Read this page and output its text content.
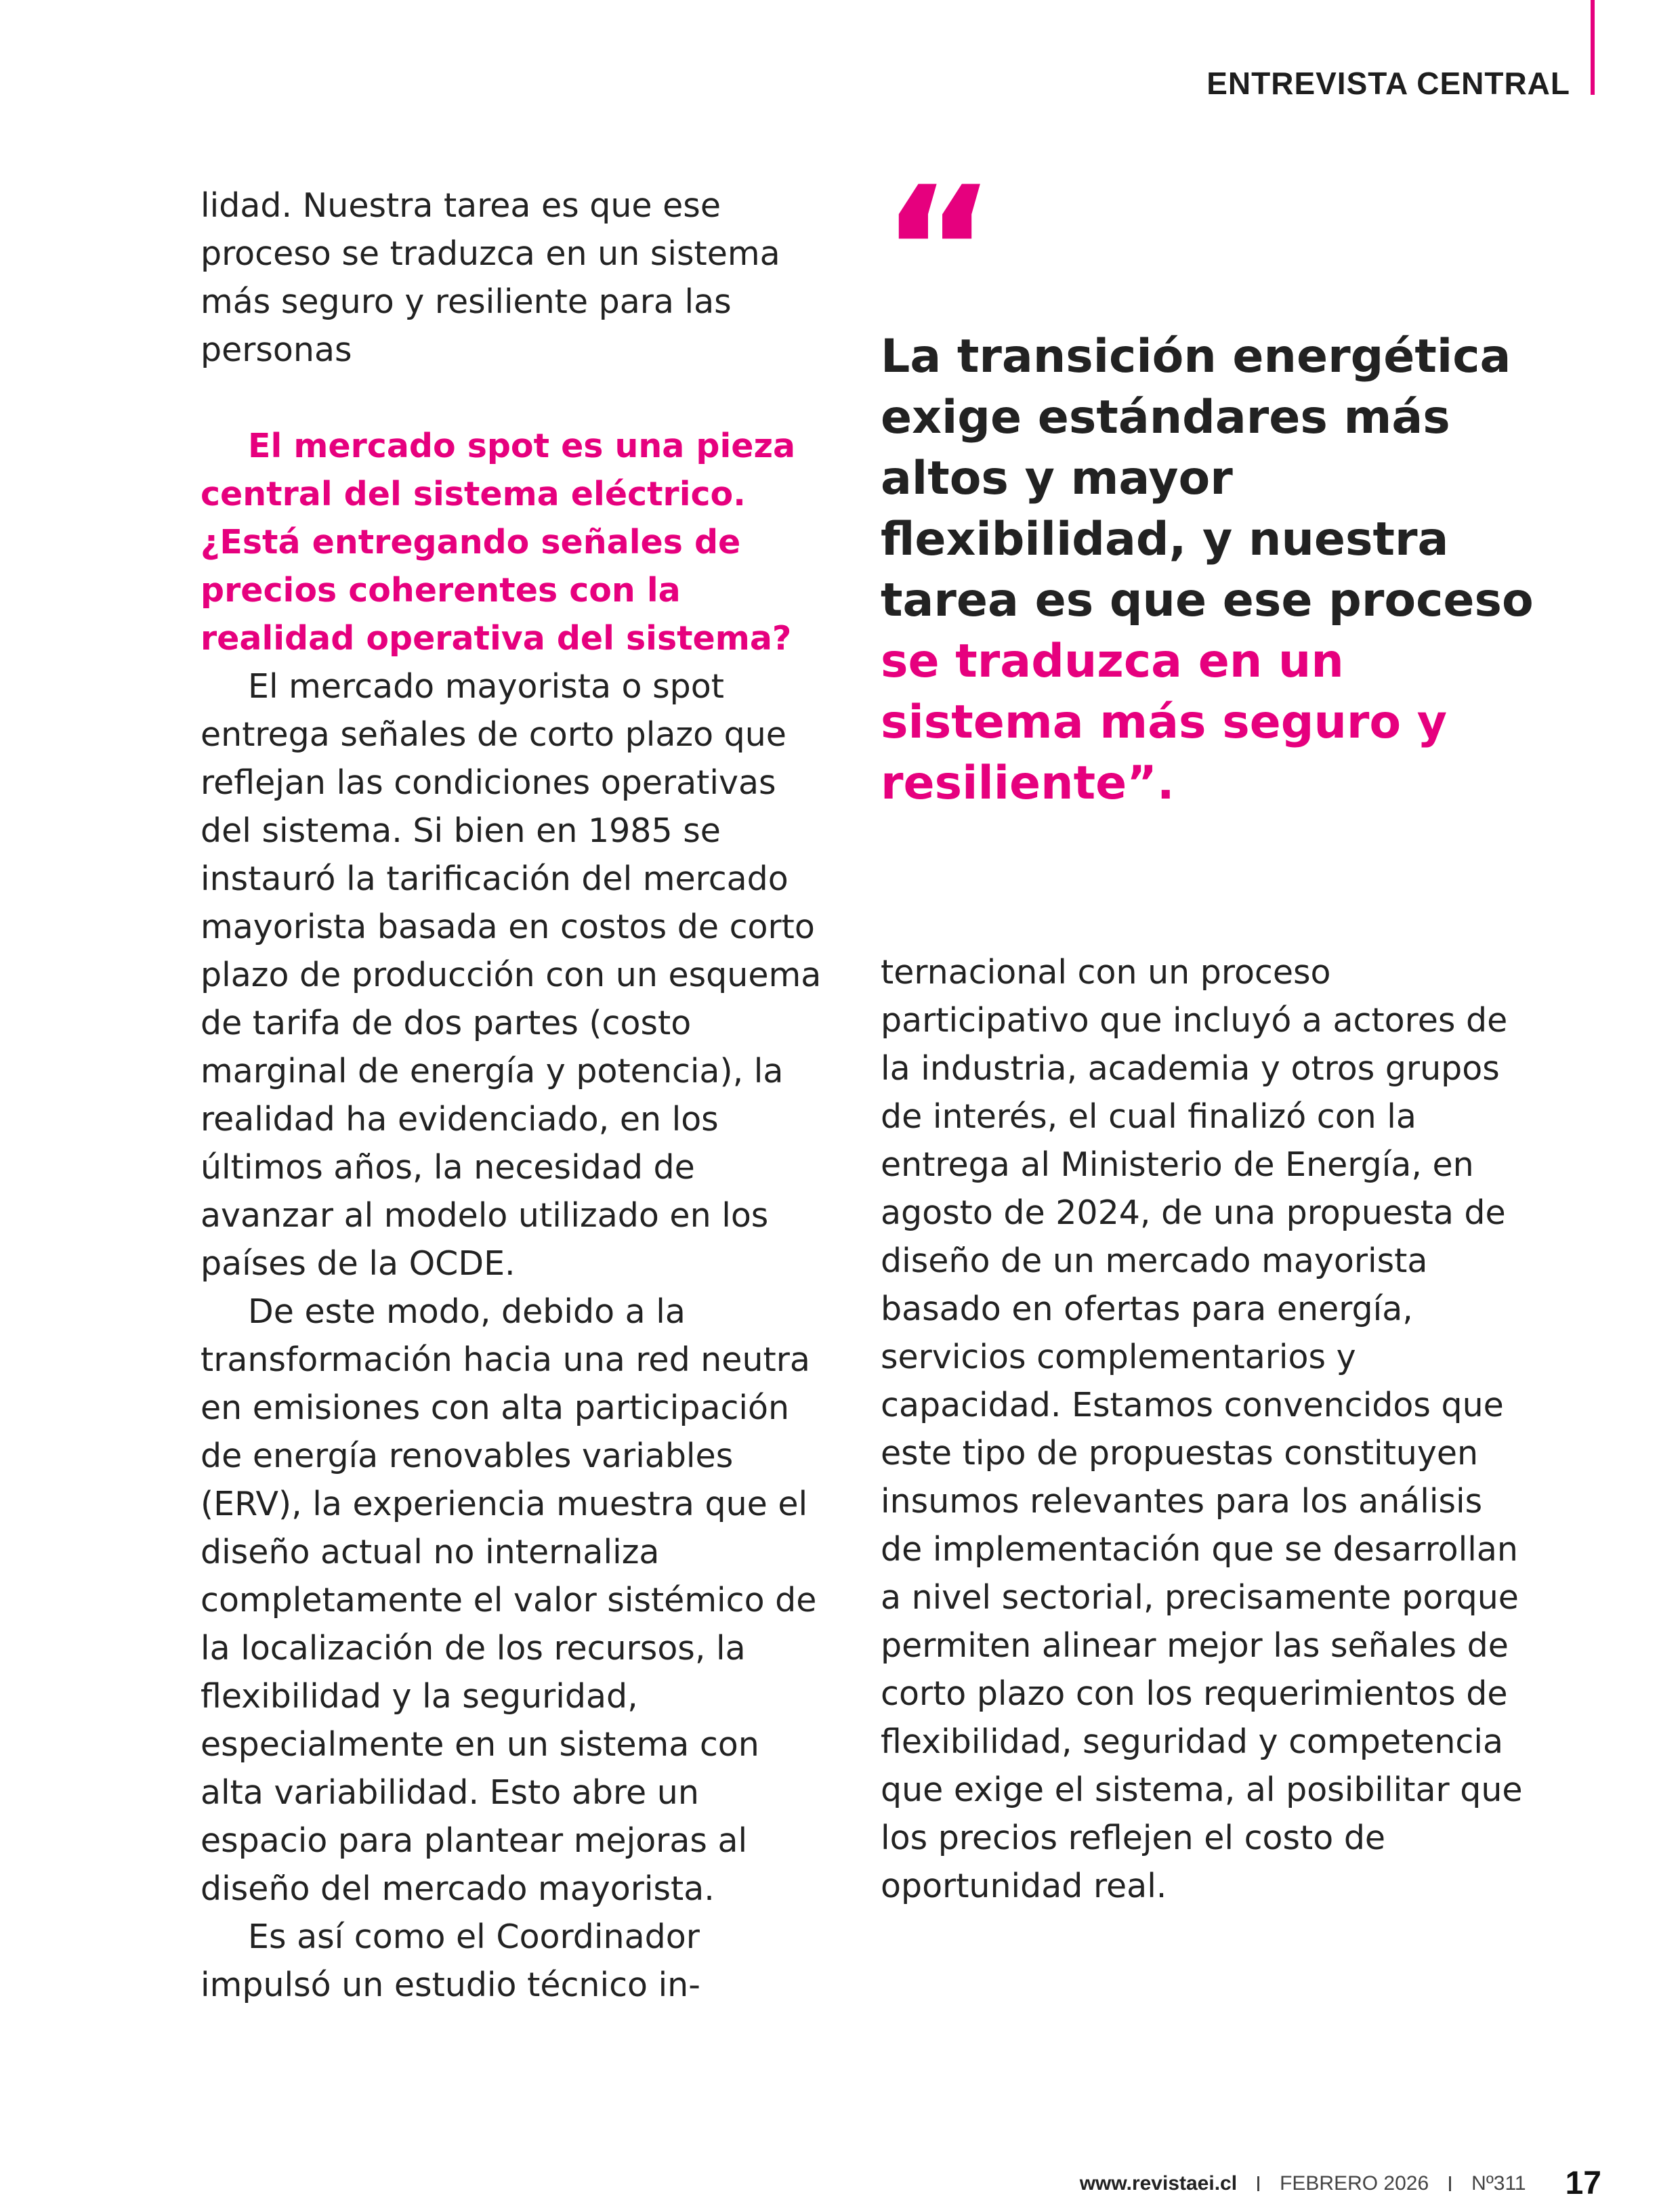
ENTREVISTA CENTRAL

lidad. Nuestra tarea es que ese proceso se traduzca en un sistema más seguro y resiliente para las personas

El mercado spot es una pieza central del sistema eléctrico. ¿Está entregando señales de precios coherentes con la realidad operativa del sistema?

El mercado mayorista o spot entrega señales de corto plazo que reflejan las condiciones operativas del sistema. Si bien en 1985 se instauró la tarificación del mercado mayorista basada en costos de corto plazo de producción con un esquema de tarifa de dos partes (costo marginal de energía y potencia), la realidad ha evidenciado, en los últimos años, la necesidad de avanzar al modelo utilizado en los países de la OCDE.

De este modo, debido a la transformación hacia una red neutra en emisiones con alta participación de energía renovables variables (ERV), la experiencia muestra que el diseño actual no internaliza completamente el valor sistémico de la localización de los recursos, la flexibilidad y la seguridad, especialmente en un sistema con alta variabilidad. Esto abre un espacio para plantear mejoras al diseño del mercado mayorista.

Es así como el Coordinador impulsó un estudio técnico in-

“
La transición energética exige estándares más altos y mayor flexibilidad, y nuestra tarea es que ese proceso se traduzca en un sistema más seguro y resiliente”.

ternacional con un proceso participativo que incluyó a actores de la industria, academia y otros grupos de interés, el cual finalizó con la entrega al Ministerio de Energía, en agosto de 2024, de una propuesta de diseño de un mercado mayorista basado en ofertas para energía, servicios complementarios y capacidad. Estamos convencidos que este tipo de propuestas constituyen insumos relevantes para los análisis de implementación que se desarrollan a nivel sectorial, precisamente porque permiten alinear mejor las señales de corto plazo con los requerimientos de flexibilidad, seguridad y competencia que exige el sistema, al posibilitar que los precios reflejen el costo de oportunidad real.

www.revistaei.cl FEBRERO 2026 Nº311 17
